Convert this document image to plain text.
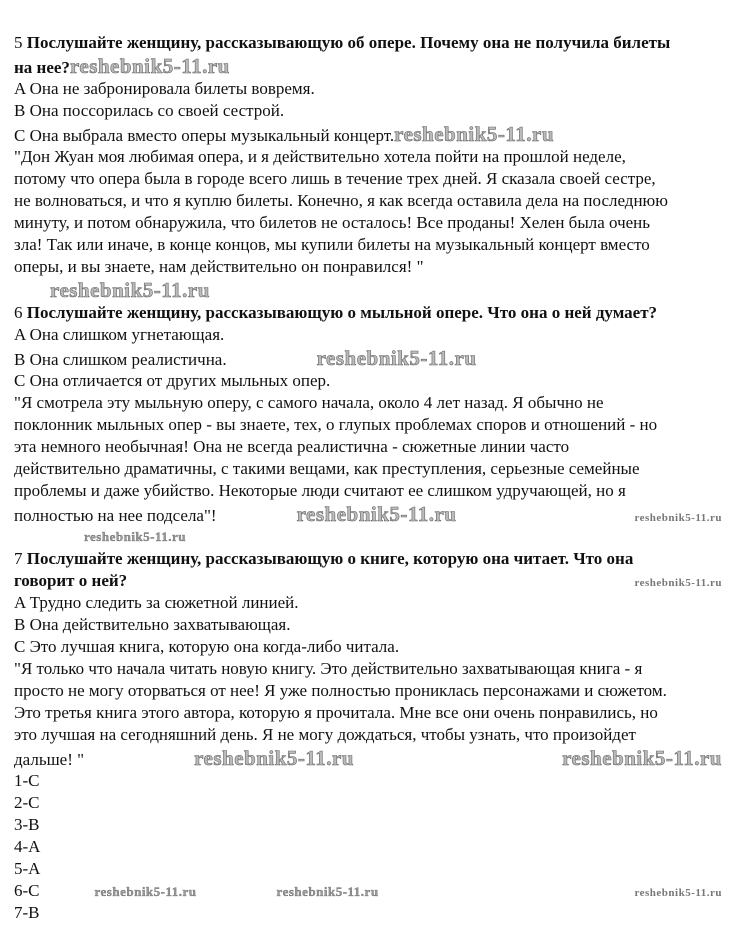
5
Послушайте женщину, рассказывающую об опере. Почему она не получила билеты
на нее? reshebnik5-11.ru
A Она не забронировала билеты вовремя.
B Она поссорилась со своей сестрой.
C Она выбрала вместо оперы музыкальный концерт. reshebnik5-11.ru
"Дон Жуан моя любимая опера, и я действительно хотела пойти на прошлой неделе,
потому что опера была в городе всего лишь в течение трех дней. Я сказала своей сестре,
не волноваться, и что я куплю билеты. Конечно, я как всегда оставила дела на последнюю
минуту, и потом обнаружила, что билетов не осталось! Все проданы! Хелен была очень
зла! Так или иначе, в конце концов, мы купили билеты на музыкальный концерт вместо
оперы, и вы знаете, нам действительно он понравился! "
reshebnik5-11.ru
6
Послушайте женщину, рассказывающую о мыльной опере. Что она о ней думает?
A Она слишком угнетающая.
B Она слишком реалистична.	reshebnik5-11.ru
C Она отличается от других мыльных опер.
"Я смотрела эту мыльную оперу, с самого начала, около 4 лет назад. Я обычно не
поклонник мыльных опер - вы знаете, тех, о глупых проблемах споров и отношений - но
эта немного необычная! Она не всегда реалистична - сюжетные линии часто
действительно драматичны, с такими вещами, как преступления, серьезные семейные
проблемы и даже убийство. Некоторые люди считают ее слишком удручающей, но я
полностью на нее подсела"!	reshebnik5-11.ru	reshebnik5-11.ru
reshebnik5-11.ru
7
Послушайте женщину, рассказывающую о книге, которую она читает. Что она
говорит о ней?	reshebnik5-11.ru
A Трудно следить за сюжетной линией.
B Она действительно захватывающая.
C Это лучшая книга, которую она когда-либо читала.
"Я только что начала читать новую книгу. Это действительно захватывающая книга - я
просто не могу оторваться от нее! Я уже полностью прониклась персонажами и сюжетом.
Это третья книга этого автора, которую я прочитала. Мне все они очень понравились, но
это лучшая на сегодняшний день. Я не могу дождаться, чтобы узнать, что произойдет
дальше! "	reshebnik5-11.ru	reshebnik5-11.ru
1-C
2-C
3-B
4-A
5-A
6-C	reshebnik5-11.ru	reshebnik5-11.ru	reshebnik5-11.ru
7-B
